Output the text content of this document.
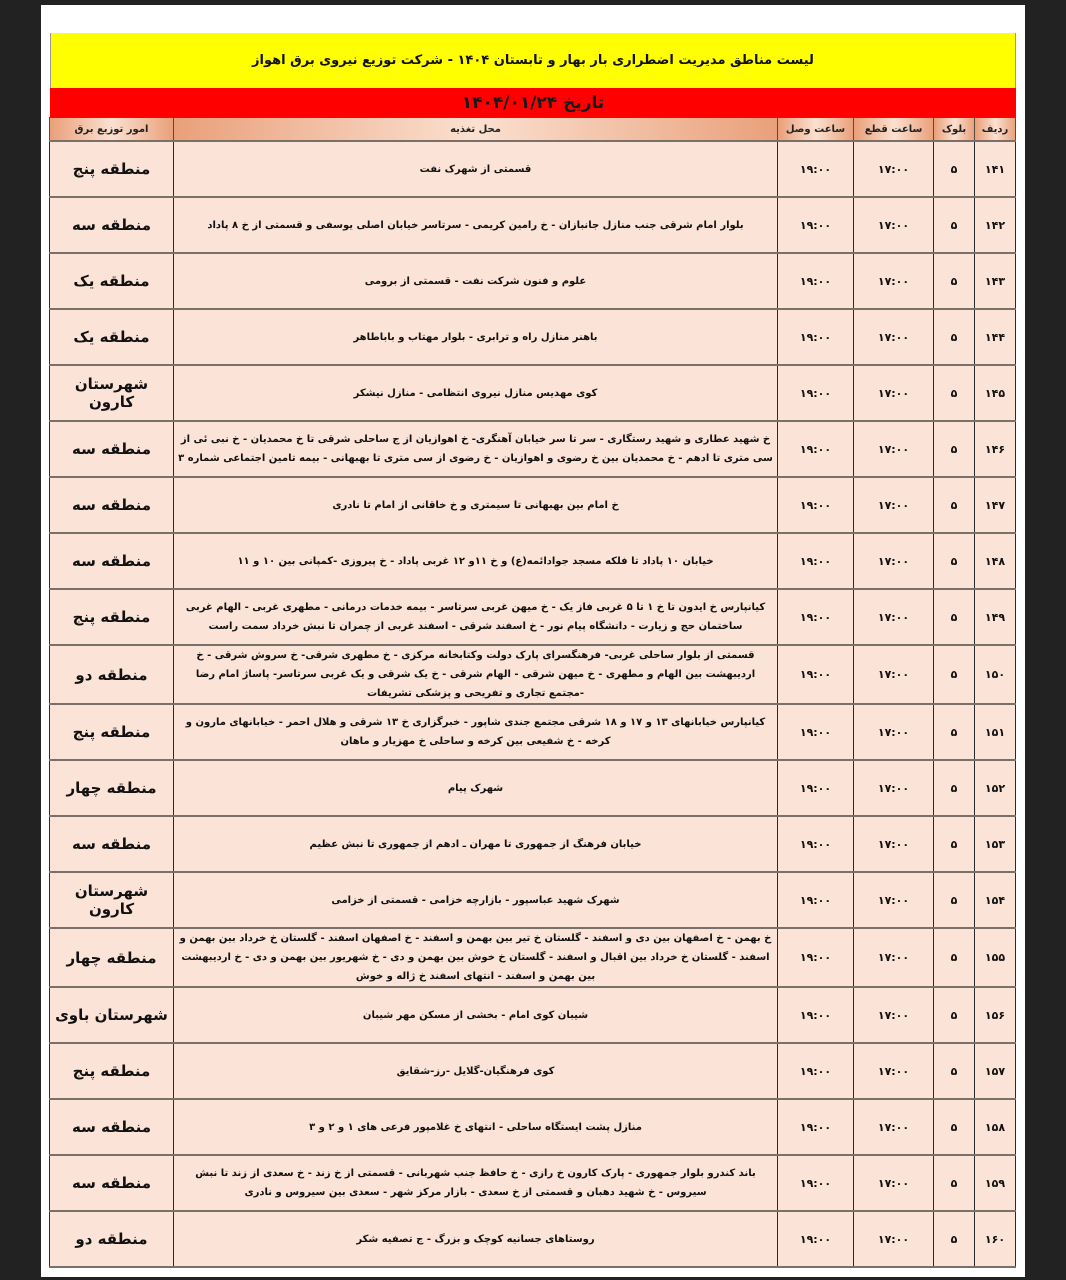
لیست مناطق مدیریت اضطراری بار بهار و تابستان ۱۴۰۴ - شرکت توزیع نیروی برق اهواز
تاریخ ۱۴۰۴/۰۱/۲۴
ردیف	بلوک	ساعت قطع	ساعت وصل	محل تغذیه	امور توزیع برق
۱۴۱	۵	۱۷:۰۰	۱۹:۰۰	قسمتی از شهرک نفت	منطقه پنج
۱۴۲	۵	۱۷:۰۰	۱۹:۰۰	بلوار امام شرقی جنب منازل جانبازان - خ رامین کریمی - سرتاسر خیابان اصلی یوسفی و قسمتی از خ ۸ پاداد	منطقه سه
۱۴۳	۵	۱۷:۰۰	۱۹:۰۰	علوم و فنون شرکت نفت - قسمتی از برومی	منطقه یک
۱۴۴	۵	۱۷:۰۰	۱۹:۰۰	باهنر منازل راه و ترابری - بلوار مهتاب و باباطاهر	منطقه یک
۱۴۵	۵	۱۷:۰۰	۱۹:۰۰	کوی مهدیس منازل نیروی انتظامی - منازل نیشکر	شهرستان کارون
۱۴۶	۵	۱۷:۰۰	۱۹:۰۰	خ شهید عطاری و شهید رستگاری - سر تا سر خیابان آهنگری- خ اهوازیان از ج ساحلی شرقی تا خ محمدیان - خ نبی ئی از سی متری تا ادهم - خ محمدیان بین خ رضوی و اهوازیان - خ رضوی از سی متری تا بهبهانی - بیمه تامین اجتماعی شماره ۳	منطقه سه
۱۴۷	۵	۱۷:۰۰	۱۹:۰۰	خ امام بین بهبهانی تا سیمتری و خ خاقانی از امام تا نادری	منطقه سه
۱۴۸	۵	۱۷:۰۰	۱۹:۰۰	خیابان ۱۰ پاداد تا فلکه مسجد جوادائمه(ع) و خ ۱۱و ۱۲ غربی پاداد - خ پیروزی -کمپانی بین ۱۰ و ۱۱	منطقه سه
۱۴۹	۵	۱۷:۰۰	۱۹:۰۰	کیانپارس خ ایدون تا خ ۱ تا ۵ غربی فاز یک - خ میهن غربی سرتاسر - بیمه خدمات درمانی - مطهری غربی - الهام غربی ساختمان حج و زیارت - دانشگاه پیام نور - خ اسفند شرقی - اسفند غربی از چمران تا نبش خرداد سمت راست	منطقه پنج
۱۵۰	۵	۱۷:۰۰	۱۹:۰۰	قسمتی از بلوار ساحلی غربی- فرهنگسرای پارک دولت وکتابخانه مرکزی - خ مطهری شرقی- خ سروش شرقی - خ اردیبهشت بین الهام و مطهری - خ میهن شرقی - الهام شرقی - خ یک شرقی و یک غربی سرتاسر- پاساژ امام رضا -مجتمع تجاری و تفریحی و پزشکی تشریفات	منطقه دو
۱۵۱	۵	۱۷:۰۰	۱۹:۰۰	کیانپارس خیابانهای ۱۳ و ۱۷ و ۱۸ شرقی مجتمع جندی شاپور - خبرگزاری خ ۱۳ شرقی و هلال احمر - خیابانهای مارون و کرخه - خ شفیعی بین کرخه و ساحلی خ مهزیار و ماهان	منطقه پنج
۱۵۲	۵	۱۷:۰۰	۱۹:۰۰	شهرک پیام	منطقه چهار
۱۵۳	۵	۱۷:۰۰	۱۹:۰۰	خیابان فرهنگ از جمهوری تا مهران ـ ادهم از جمهوری تا نبش عظیم	منطقه سه
۱۵۴	۵	۱۷:۰۰	۱۹:۰۰	شهرک شهید عباسپور - بازارچه خزامی - قسمتی از خزامی	شهرستان کارون
۱۵۵	۵	۱۷:۰۰	۱۹:۰۰	خ بهمن - خ اصفهان بین دی و اسفند - گلستان خ تیر بین بهمن و اسفند - خ اصفهان اسفند - گلستان خ خرداد بین بهمن و اسفند - گلستان خ خرداد بین اقبال و اسفند - گلستان خ خوش بین بهمن و دی - خ شهریور بین بهمن و دی - خ اردیبهشت بین بهمن و اسفند - انتهای اسفند خ ژاله و خوش	منطقه چهار
۱۵۶	۵	۱۷:۰۰	۱۹:۰۰	شیبان کوی امام - بخشی از مسکن مهر شیبان	شهرستان باوی
۱۵۷	۵	۱۷:۰۰	۱۹:۰۰	کوی فرهنگیان-گلایل -رز-شقایق	منطقه پنج
۱۵۸	۵	۱۷:۰۰	۱۹:۰۰	منازل پشت ایستگاه ساحلی - انتهای خ غلامپور فرعی های ۱ و ۲ و ۳	منطقه سه
۱۵۹	۵	۱۷:۰۰	۱۹:۰۰	باند کندرو بلوار جمهوری - پارک کارون خ رازی - خ حافظ جنب شهربانی - قسمتی از خ زند - خ سعدی از زند تا نبش سیروس - خ شهید دهبان و قسمتی از خ سعدی - بازار مرکز شهر - سعدی بین سیروس و نادری	منطقه سه
۱۶۰	۵	۱۷:۰۰	۱۹:۰۰	روستاهای جسانیه کوچک و بزرگ - ج تصفیه شکر	منطقه دو
